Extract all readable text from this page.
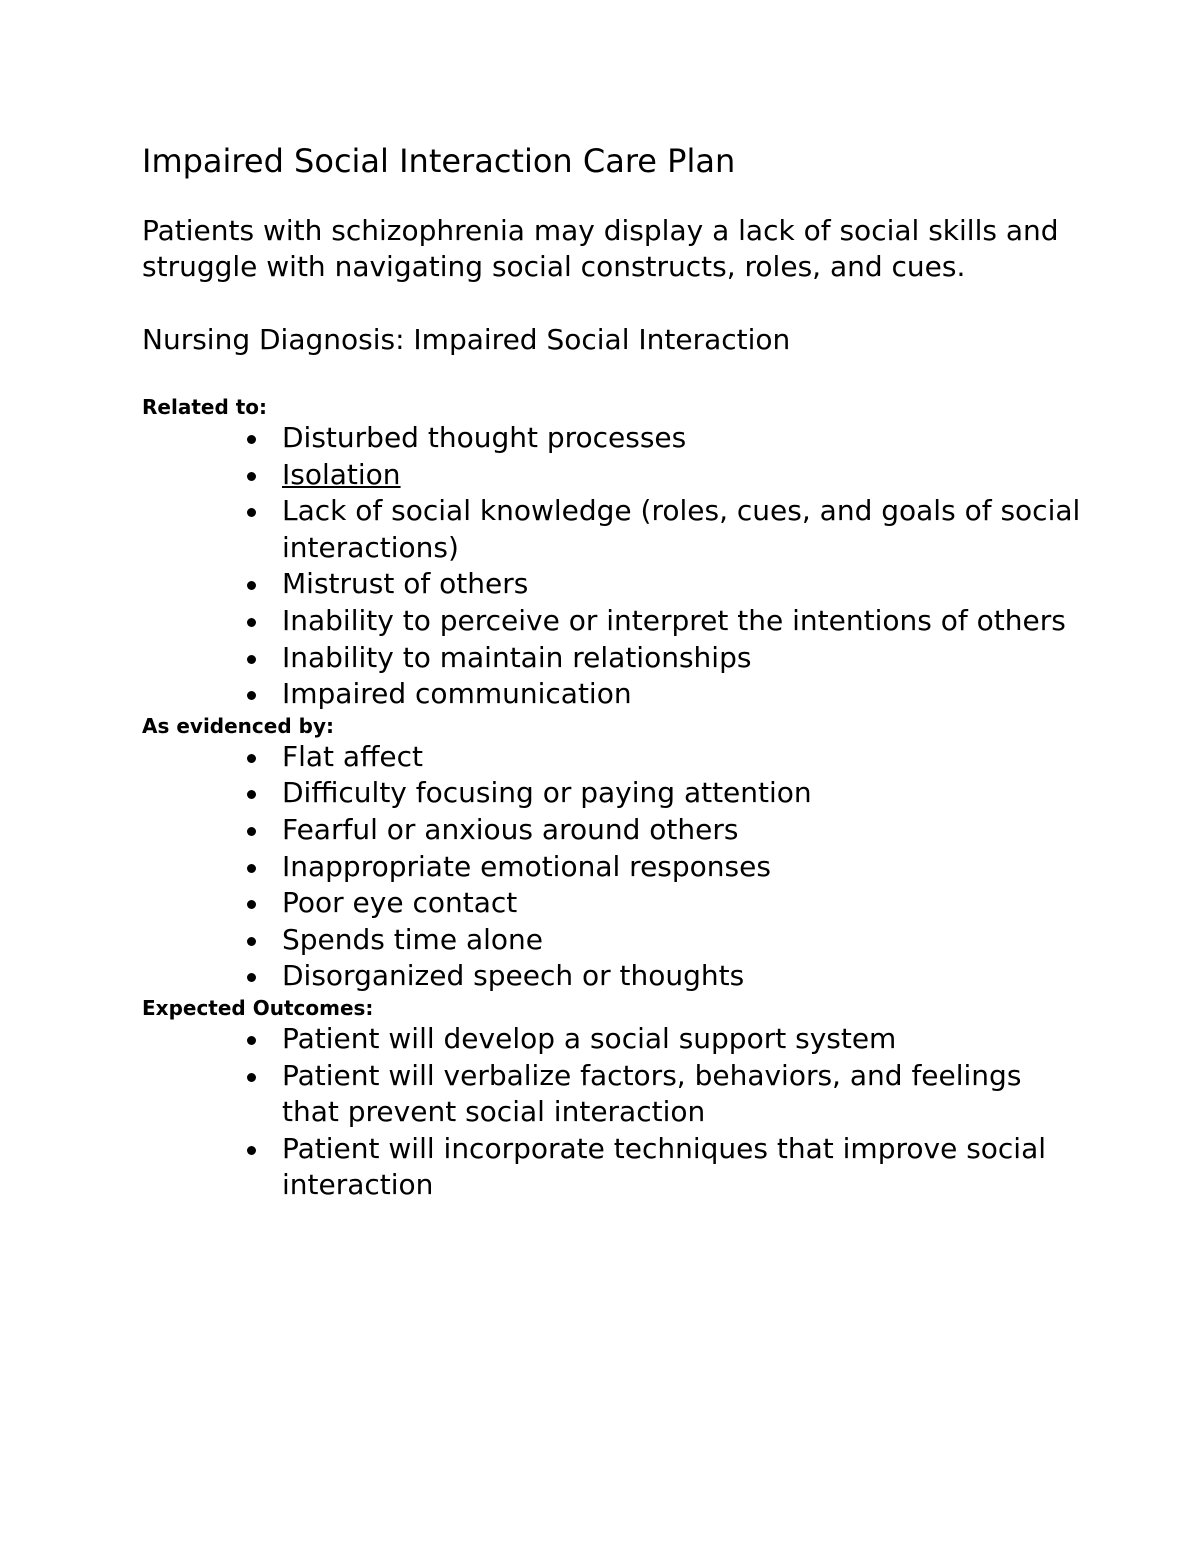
Impaired Social Interaction Care Plan

Patients with schizophrenia may display a lack of social skills and struggle with navigating social constructs, roles, and cues.

Nursing Diagnosis: Impaired Social Interaction

Related to:

Disturbed thought processes
Isolation
Lack of social knowledge (roles, cues, and goals of social interactions)
Mistrust of others
Inability to perceive or interpret the intentions of others
Inability to maintain relationships
Impaired communication

As evidenced by:

Flat affect
Difficulty focusing or paying attention
Fearful or anxious around others
Inappropriate emotional responses
Poor eye contact
Spends time alone
Disorganized speech or thoughts

Expected Outcomes:

Patient will develop a social support system
Patient will verbalize factors, behaviors, and feelings that prevent social interaction
Patient will incorporate techniques that improve social interaction
